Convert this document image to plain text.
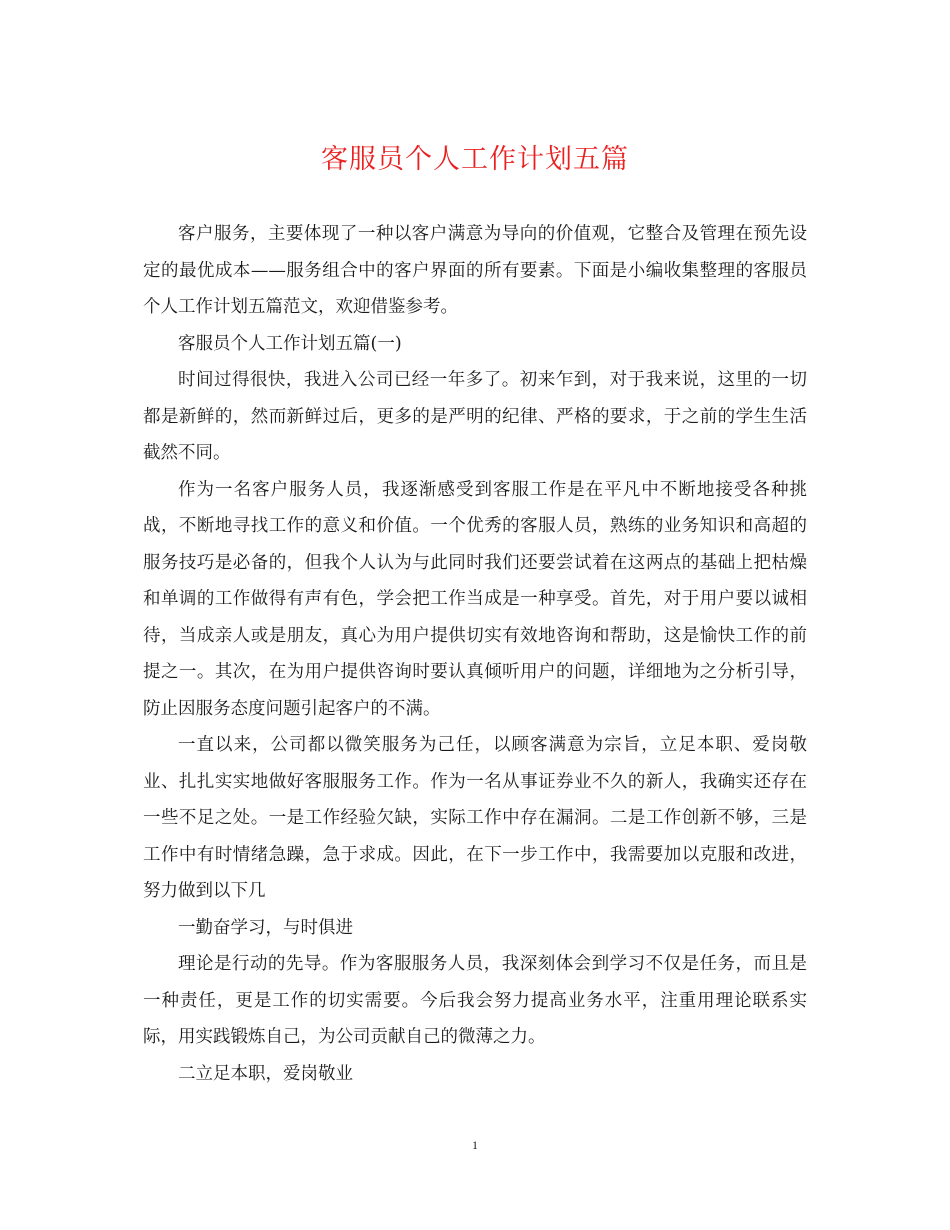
客服员个人工作计划五篇

客户服务，主要体现了一种以客户满意为导向的价值观，它整合及管理在预先设定的最优成本——服务组合中的客户界面的所有要素。下面是小编收集整理的客服员个人工作计划五篇范文，欢迎借鉴参考。

客服员个人工作计划五篇(一)

时间过得很快，我进入公司已经一年多了。初来乍到，对于我来说，这里的一切都是新鲜的，然而新鲜过后，更多的是严明的纪律、严格的要求，于之前的学生生活截然不同。

作为一名客户服务人员，我逐渐感受到客服工作是在平凡中不断地接受各种挑战，不断地寻找工作的意义和价值。一个优秀的客服人员，熟练的业务知识和高超的服务技巧是必备的，但我个人认为与此同时我们还要尝试着在这两点的基础上把枯燥和单调的工作做得有声有色，学会把工作当成是一种享受。首先，对于用户要以诚相待，当成亲人或是朋友，真心为用户提供切实有效地咨询和帮助，这是愉快工作的前提之一。其次，在为用户提供咨询时要认真倾听用户的问题，详细地为之分析引导，防止因服务态度问题引起客户的不满。

一直以来，公司都以微笑服务为己任，以顾客满意为宗旨，立足本职、爱岗敬业、扎扎实实地做好客服服务工作。作为一名从事证券业不久的新人，我确实还存在一些不足之处。一是工作经验欠缺，实际工作中存在漏洞。二是工作创新不够，三是工作中有时情绪急躁，急于求成。因此，在下一步工作中，我需要加以克服和改进，努力做到以下几

一勤奋学习，与时俱进

理论是行动的先导。作为客服服务人员，我深刻体会到学习不仅是任务，而且是一种责任，更是工作的切实需要。今后我会努力提高业务水平，注重用理论联系实际，用实践锻炼自己，为公司贡献自己的微薄之力。

二立足本职，爱岗敬业

1
